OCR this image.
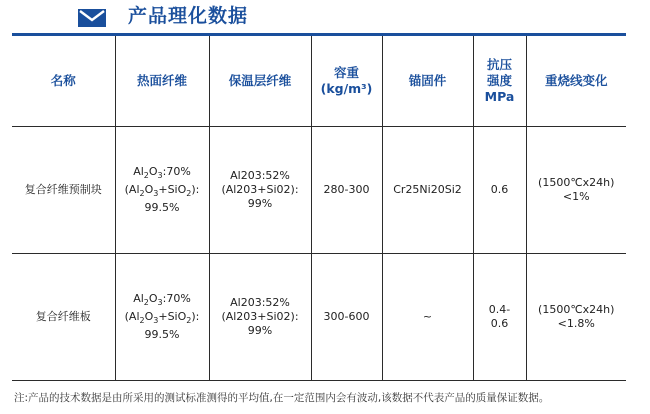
产品理化数据
名称	热面纤维	保温层纤维	容重
(kg/m³)	锚固件	抗压
强度
MPa	重烧线变化

复合纤维预制块	$Al_2O_3:70\%$
$(Al_2O_3+SiO_2)$:
99.5%	Al203:52%
(Al203+Si02):
99%	280-300	Cr25Ni20Si2	0.6	(1500℃x24h)
<1%

复合纤维板	$Al_2O_3:70\%$
$(Al_2O_3+SiO_2)$:
99.5%	Al203:52%
(Al203+Si02):
99%	300-600	~	0.4-
0.6	(1500℃x24h)
<1.8%
注:产品的技术数据是由所采用的测试标准测得的平均值,在一定范围内会有波动,该数据不代表产品的质量保证数据。
